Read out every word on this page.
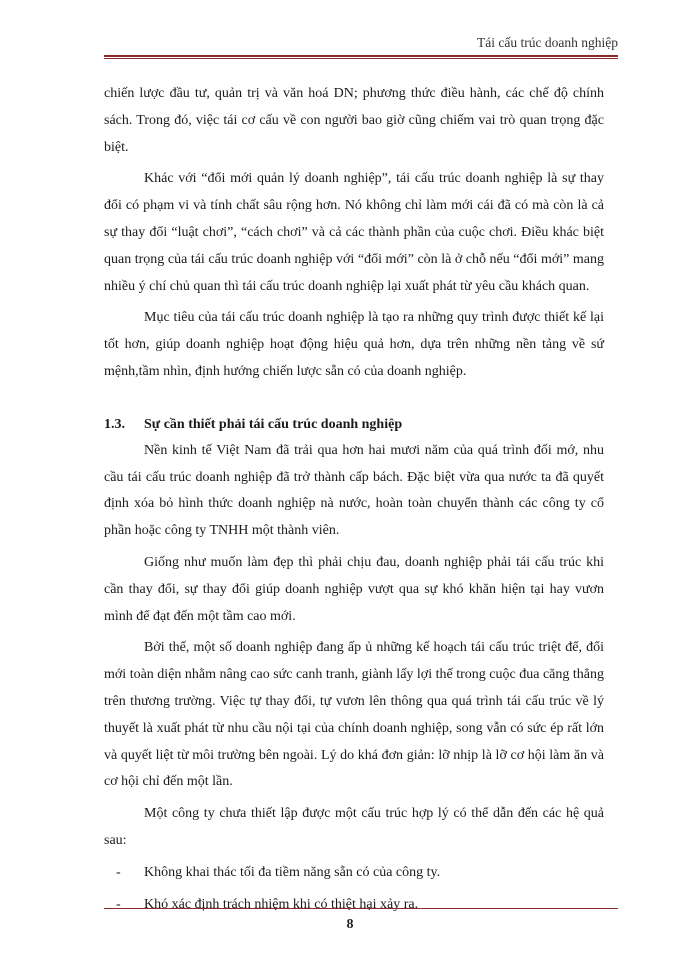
Tái cấu trúc doanh nghiệp

chiến lược đầu tư, quản trị và văn hoá DN; phương thức điều hành, các chế độ chính sách. Trong đó, việc tái cơ cấu về con người bao giờ cũng chiếm vai trò quan trọng đặc biệt.

Khác với “đổi mới quản lý doanh nghiệp”, tái cấu trúc doanh nghiệp là sự thay đổi có phạm vi và tính chất sâu rộng hơn. Nó không chỉ làm mới cái đã có mà còn là cả sự thay đổi “luật chơi”, “cách chơi” và cả các thành phần của cuộc chơi. Điều khác biệt quan trọng của tái cấu trúc doanh nghiệp với “đổi mới” còn là ở chỗ nếu “đổi mới” mang nhiều ý chí chủ quan thì tái cấu trúc doanh nghiệp lại xuất phát từ yêu cầu khách quan.

Mục tiêu của tái cấu trúc doanh nghiệp là tạo ra những quy trình được thiết kế lại tốt hơn, giúp doanh nghiệp hoạt động hiệu quả hơn, dựa trên những nền tảng về sứ mệnh,tầm nhìn, định hướng chiến lược sẵn có của doanh nghiệp.

1.3. Sự cần thiết phải tái cấu trúc doanh nghiệp

Nền kinh tế Việt Nam đã trải qua hơn hai mươi năm của quá trình đối mớ, nhu cầu tái cấu trúc doanh nghiệp đã trở thành cấp bách. Đặc biệt vừa qua nước ta đã quyết định xóa bỏ hình thức doanh nghiệp nà nước, hoàn toàn chuyển thành các công ty cổ phần hoặc công ty TNHH một thành viên.

Giống như muốn làm đẹp thì phải chịu đau, doanh nghiệp phải tái cấu trúc khi cần thay đổi, sự thay đổi giúp doanh nghiệp vượt qua sự khó khăn hiện tại hay vươn mình để đạt đến một tầm cao mới.

Bởi thế, một số doanh nghiệp đang ấp ủ những kế hoạch tái cấu trúc triệt để, đổi mới toàn diện nhằm nâng cao sức canh tranh, giành lấy lợi thế trong cuộc đua căng thẳng trên thương trường. Việc tự thay đổi, tự vươn lên thông qua quá trình tái cấu trúc về lý thuyết là xuất phát từ nhu cầu nội tại của chính doanh nghiệp, song vẫn có sức ép rất lớn và quyết liệt từ môi trường bên ngoài. Lý do khá đơn giản: lỡ nhịp là lỡ cơ hội làm ăn và cơ hội chỉ đến một lần.

Một công ty chưa thiết lập được một cấu trúc hợp lý có thể dẫn đến các hệ quả sau:

- Không khai thác tối đa tiềm năng sẵn có của công ty.
- Khó xác định trách nhiệm khi có thiệt hại xảy ra.
8
